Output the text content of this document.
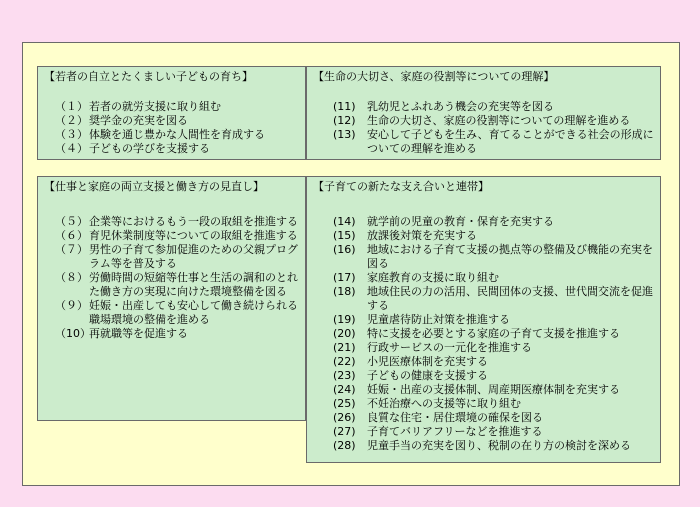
【若者の自立とたくましい子どもの育ち】
（１） 若者の就労支援に取り組む
（２） 奨学金の充実を図る
（３） 体験を通じ豊かな人間性を育成する
（４） 子どもの学びを支援する
【生命の大切さ、家庭の役割等についての理解】
(11)	乳幼児とふれあう機会の充実等を図る
(12)	生命の大切さ、家庭の役割等についての理解を進める
(13)	安心して子どもを生み、育てることができる社会の形成についての理解を進める
【仕事と家庭の両立支援と働き方の見直し】
（５） 企業等におけるもう一段の取組を推進する
（６） 育児休業制度等についての取組を推進する
（７） 男性の子育て参加促進のための父親プログラム等を普及する
（８） 労働時間の短縮等仕事と生活の調和のとれた働き方の実現に向けた環境整備を図る
（９） 妊娠・出産しても安心して働き続けられる職場環境の整備を進める
（10）
再就職等を促進する
【子育ての新たな支え合いと連帯】
(14)	就学前の児童の教育・保育を充実する
(15)	放課後対策を充実する
(16)	地域における子育て支援の拠点等の整備及び機能の充実を図る
(17)	家庭教育の支援に取り組む
(18)	地域住民の力の活用、民間団体の支援、世代間交流を促進する
(19)	児童虐待防止対策を推進する
(20)	特に支援を必要とする家庭の子育て支援を推進する
(21)	行政サービスの一元化を推進する
(22)	小児医療体制を充実する
(23)	子どもの健康を支援する
(24)	妊娠・出産の支援体制、周産期医療体制を充実する
(25)	不妊治療への支援等に取り組む
(26)	良質な住宅・居住環境の確保を図る
(27)	子育てバリアフリーなどを推進する
(28)	児童手当の充実を図り、税制の在り方の検討を深める
